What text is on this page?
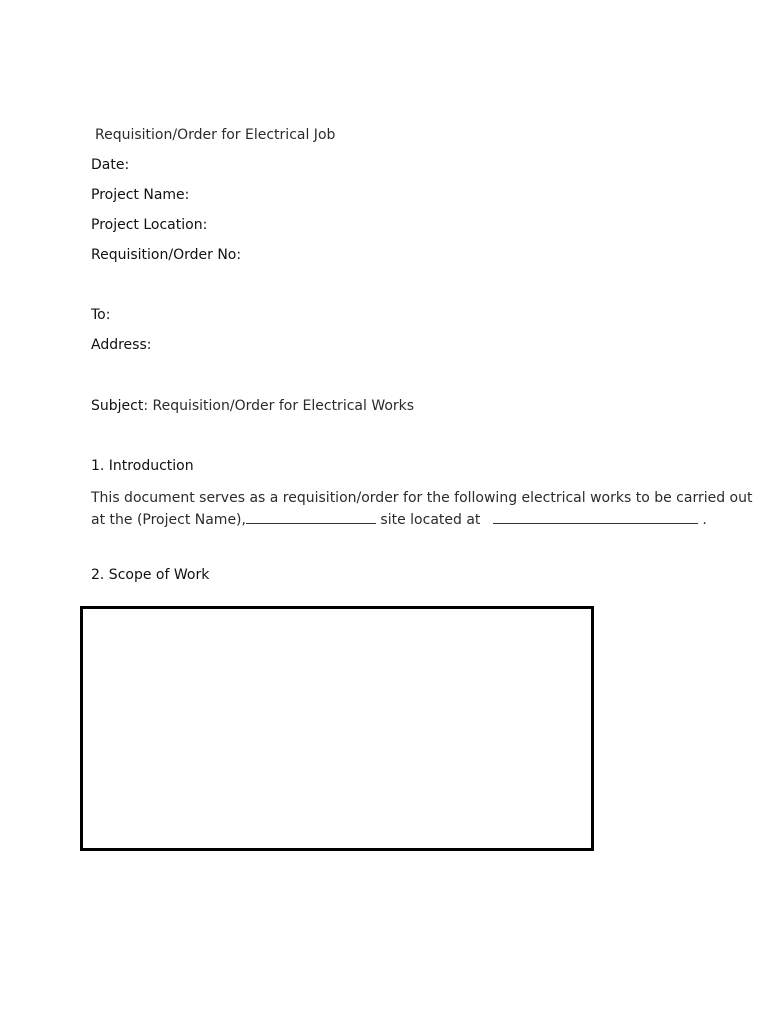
Requisition/Order for Electrical Job
Date:
Project Name:
Project Location:
Requisition/Order No:
To:
Address:
Subject: Requisition/Order for Electrical Works
1. Introduction
This document serves as a requisition/order for the following electrical works to be carried out
at the (Project Name),	site located at	.
2. Scope of Work
